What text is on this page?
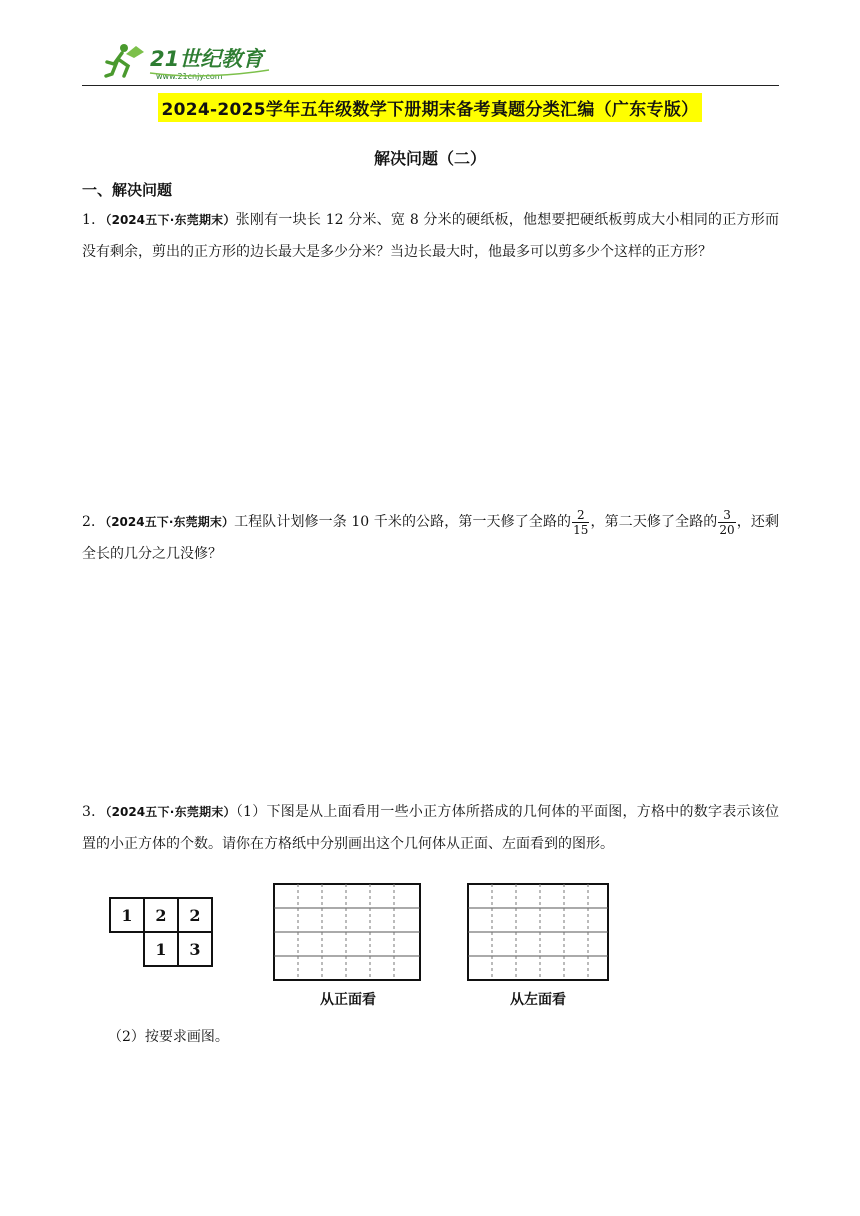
21世纪教育
www.21cnjy.com
2024-2025学年五年级数学下册期末备考真题分类汇编（广东专版）
解决问题（二）
一、解决问题
1．（2024五下·东莞期末）张刚有一块长 12 分米、宽 8 分米的硬纸板，他想要把硬纸板剪成大小相同的正方形而没有剩余，剪出的正方形的边长最大是多少分米？当边长最大时，他最多可以剪多少个这样的正方形？
2．（2024五下·东莞期末）工程队计划修一条 10 千米的公路，第一天修了全路的 $\frac{2}{15}$ ，第二天修了全路的 $\frac{3}{20}$ ，还剩全长的几分之几没修？
3．（2024五下·东莞期末）（1）下图是从上面看用一些小正方体所搭成的几何体的平面图，方格中的数字表示该位置的小正方体的个数。请你在方格纸中分别画出这个几何体从正面、左面看到的图形。
1 2 2
1 3
从正面看	从左面看
（2）按要求画图。
